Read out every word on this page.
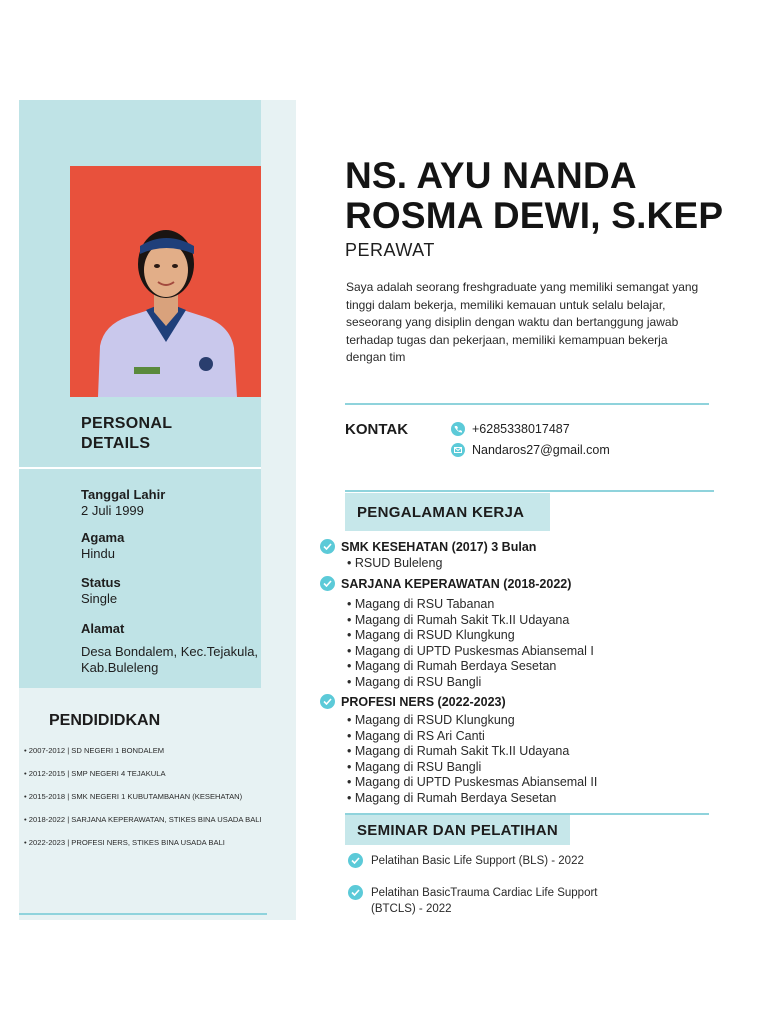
PERSONAL
DETAILS
Tanggal Lahir
2 Juli 1999
Agama
Hindu
Status
Single
Alamat
Desa Bondalem, Kec.Tejakula,
Kab.Buleleng
PENDIDIDKAN
• 2007-2012 | SD NEGERI 1 BONDALEM
• 2012-2015 | SMP NEGERI 4 TEJAKULA
• 2015-2018 | SMK NEGERI 1 KUBUTAMBAHAN (KESEHATAN)
• 2018-2022 | SARJANA KEPERAWATAN, STIKES BINA USADA BALI
• 2022-2023 | PROFESI NERS, STIKES BINA USADA BALI
NS. AYU NANDA
ROSMA DEWI, S.KEP
PERAWAT
Saya adalah seorang freshgraduate yang memiliki semangat yang tinggi dalam bekerja, memiliki kemauan untuk selalu belajar, seseorang yang disiplin dengan waktu dan bertanggung jawab terhadap tugas dan pekerjaan, memiliki kemampuan bekerja dengan tim
KONTAK	+6285338017487
Nandaros27@gmail.com
PENGALAMAN KERJA
SMK KESEHATAN (2017) 3 Bulan
• RSUD Buleleng
SARJANA KEPERAWATAN (2018-2022)
• Magang di RSU Tabanan
• Magang di Rumah Sakit Tk.II Udayana
• Magang di RSUD Klungkung
• Magang di UPTD Puskesmas Abiansemal I
• Magang di Rumah Berdaya Sesetan
• Magang di RSU Bangli
PROFESI NERS (2022-2023)
• Magang di RSUD Klungkung
• Magang di RS Ari Canti
• Magang di Rumah Sakit Tk.II Udayana
• Magang di RSU Bangli
• Magang di UPTD Puskesmas Abiansemal II
• Magang di Rumah Berdaya Sesetan
SEMINAR DAN PELATIHAN
Pelatihan Basic Life Support (BLS) - 2022
Pelatihan BasicTrauma Cardiac Life Support (BTCLS) - 2022
